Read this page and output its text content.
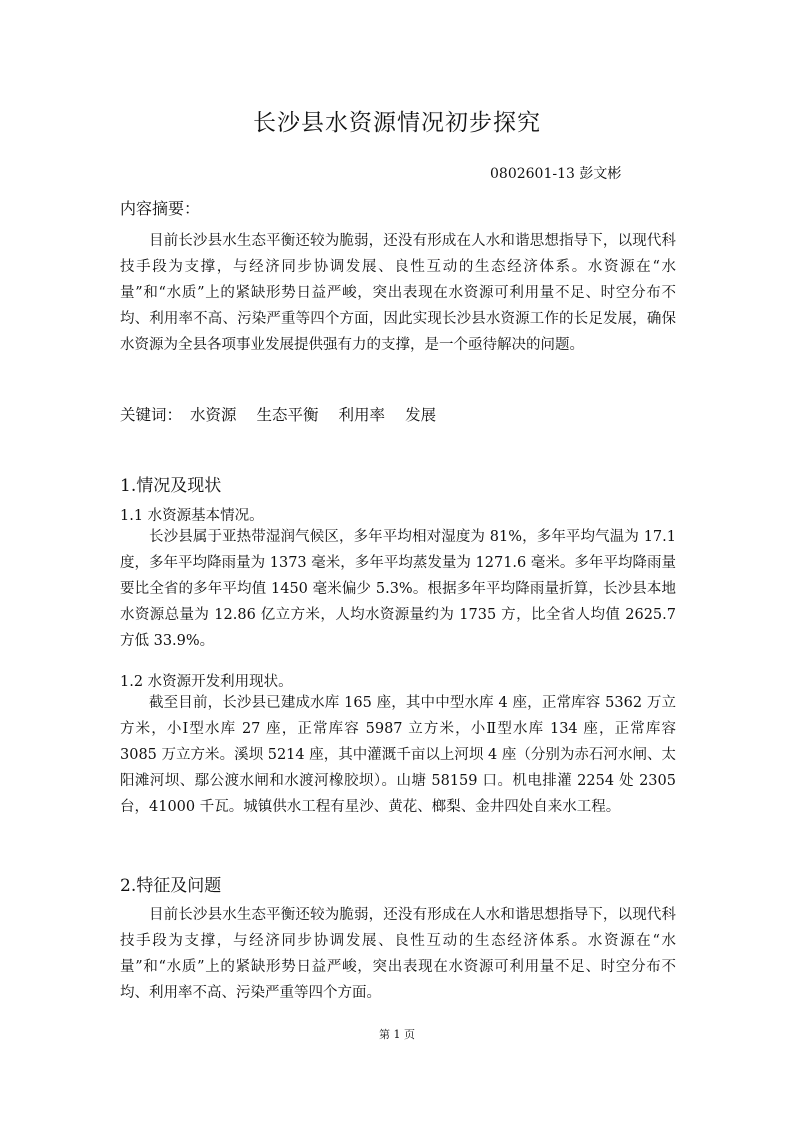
长沙县水资源情况初步探究

0802601-13 彭文彬

内容摘要：

目前长沙县水生态平衡还较为脆弱，还没有形成在人水和谐思想指导下，以现代科技手段为支撑，与经济同步协调发展、良性互动的生态经济体系。水资源在“水量”和“水质”上的紧缺形势日益严峻，突出表现在水资源可利用量不足、时空分布不均、利用率不高、污染严重等四个方面，因此实现长沙县水资源工作的长足发展，确保水资源为全县各项事业发展提供强有力的支撑，是一个亟待解决的问题。

关键词： 水资源 生态平衡 利用率 发展
1.情况及现状
1.1 水资源基本情况。

长沙县属于亚热带湿润气候区，多年平均相对湿度为 81%，多年平均气温为 17.1 度，多年平均降雨量为 1373 毫米，多年平均蒸发量为 1271.6 毫米。多年平均降雨量要比全省的多年平均值 1450 毫米偏少 5.3%。根据多年平均降雨量折算，长沙县本地水资源总量为 12.86 亿立方米，人均水资源量约为 1735 方，比全省人均值 2625.7 方低 33.9%。

1.2 水资源开发利用现状。

截至目前，长沙县已建成水库 165 座，其中中型水库 4 座，正常库容 5362 万立方米，小Ⅰ型水库 27 座，正常库容 5987 立方米，小Ⅱ型水库 134 座，正常库容 3085 万立方米。溪坝 5214 座，其中灌溉千亩以上河坝 4 座（分别为赤石河水闸、太阳滩河坝、鄢公渡水闸和水渡河橡胶坝）。山塘 58159 口。机电排灌 2254 处 2305 台，41000 千瓦。城镇供水工程有星沙、黄花、榔梨、金井四处自来水工程。

2.特征及问题

目前长沙县水生态平衡还较为脆弱，还没有形成在人水和谐思想指导下，以现代科技手段为支撑，与经济同步协调发展、良性互动的生态经济体系。水资源在“水量”和“水质”上的紧缺形势日益严峻，突出表现在水资源可利用量不足、时空分布不均、利用率不高、污染严重等四个方面。

第 1 页
